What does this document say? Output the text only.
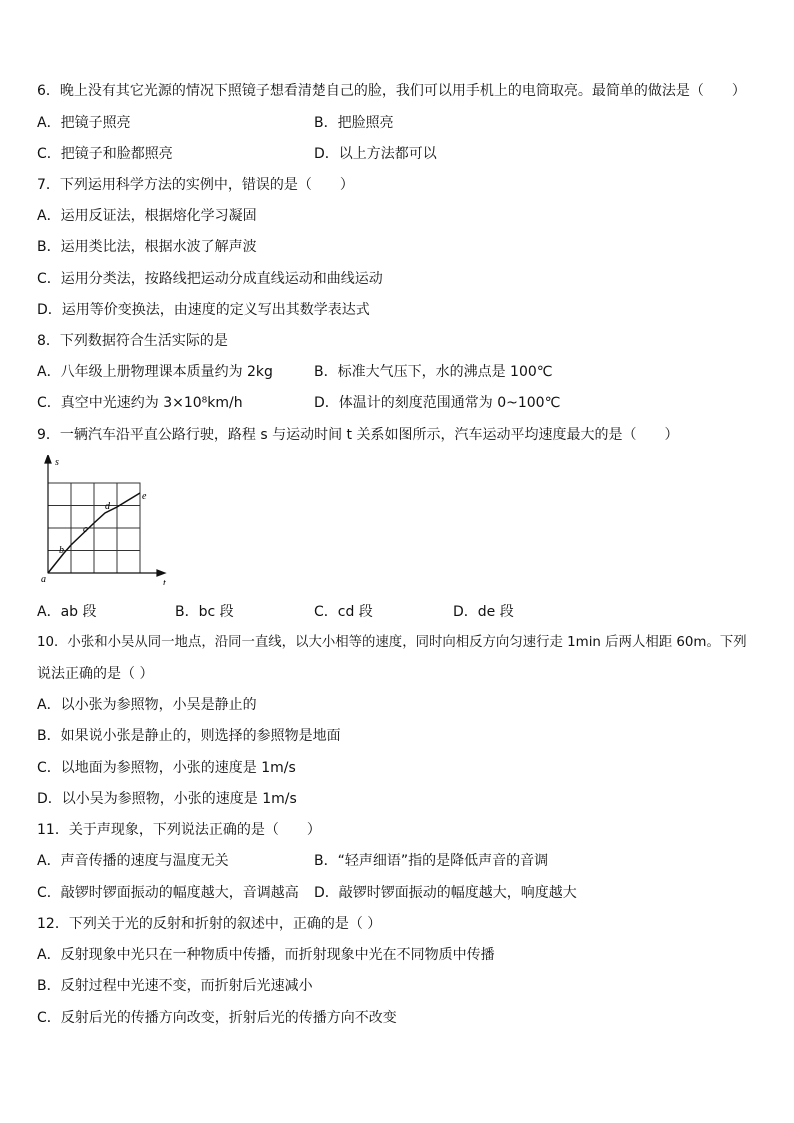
6．晚上没有其它光源的情况下照镜子想看清楚自己的脸，我们可以用手机上的电筒取亮。最简单的做法是（　　）
A．把镜子照亮	B．把脸照亮
C．把镜子和脸都照亮	D．以上方法都可以
7．下列运用科学方法的实例中，错误的是（　　）
A．运用反证法，根据熔化学习凝固
B．运用类比法，根据水波了解声波
C．运用分类法，按路线把运动分成直线运动和曲线运动
D．运用等价变换法，由速度的定义写出其数学表达式
8．下列数据符合生活实际的是
A．八年级上册物理课本质量约为 2kg	B．标准大气压下，水的沸点是 100℃
C．真空中光速约为 3×10⁸km/h	D．体温计的刻度范围通常为 0~100℃
9．一辆汽车沿平直公路行驶，路程 s 与运动时间 t 关系如图所示，汽车运动平均速度最大的是（　　）
s
t
a
b
c
d
e
A．ab 段	B．bc 段	C．cd 段	D．de 段
10．小张和小吴从同一地点，沿同一直线，以大小相等的速度，同时向相反方向匀速行走 1min 后两人相距 60m。下列
说法正确的是（ ）
A．以小张为参照物，小吴是静止的
B．如果说小张是静止的，则选择的参照物是地面
C．以地面为参照物，小张的速度是 1m/s
D．以小吴为参照物，小张的速度是 1m/s
11．关于声现象，下列说法正确的是（　　）
A．声音传播的速度与温度无关	B．“轻声细语”指的是降低声音的音调
C．敲锣时锣面振动的幅度越大，音调越高 D．敲锣时锣面振动的幅度越大，响度越大
12．下列关于光的反射和折射的叙述中，正确的是（ ）
A．反射现象中光只在一种物质中传播，而折射现象中光在不同物质中传播
B．反射过程中光速不变，而折射后光速减小
C．反射后光的传播方向改变，折射后光的传播方向不改变
